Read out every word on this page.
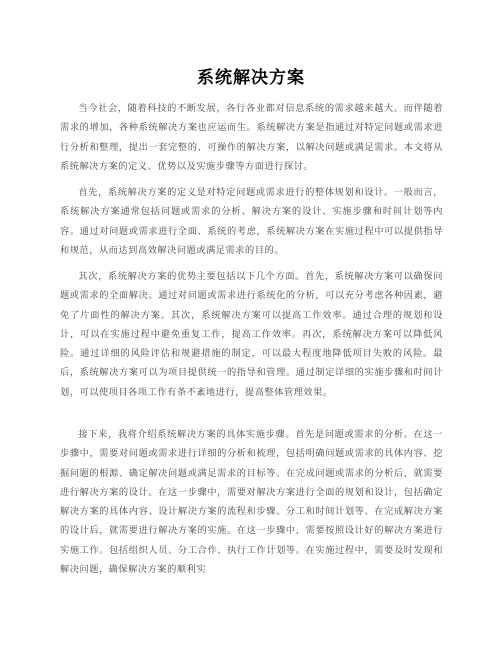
系统解决方案

当今社会，随着科技的不断发展，各行各业都对信息系统的需求越来越大。而伴随着需求的增加，各种系统解决方案也应运而生。系统解决方案是指通过对特定问题或需求进行分析和整理，提出一套完整的、可操作的解决方案，以解决问题或满足需求。本文将从系统解决方案的定义、优势以及实施步骤等方面进行探讨。

首先，系统解决方案的定义是对特定问题或需求进行的整体规划和设计。一般而言，系统解决方案通常包括问题或需求的分析、解决方案的设计、实施步骤和时间计划等内容。通过对问题或需求进行全面、系统的考虑，系统解决方案在实施过程中可以提供指导和规范，从而达到高效解决问题或满足需求的目的。

其次，系统解决方案的优势主要包括以下几个方面。首先，系统解决方案可以确保问题或需求的全面解决。通过对问题或需求进行系统化的分析，可以充分考虑各种因素，避免了片面性的解决方案。其次，系统解决方案可以提高工作效率。通过合理的规划和设计，可以在实施过程中避免重复工作，提高工作效率。再次，系统解决方案可以降低风险。通过详细的风险评估和规避措施的制定，可以最大程度地降低项目失败的风险。最后，系统解决方案可以为项目提供统一的指导和管理。通过制定详细的实施步骤和时间计划，可以使项目各项工作有条不紊地进行，提高整体管理效果。

接下来，我将介绍系统解决方案的具体实施步骤。首先是问题或需求的分析。在这一步骤中，需要对问题或需求进行详细的分析和梳理，包括明确问题或需求的具体内容、挖掘问题的根源、确定解决问题或满足需求的目标等。在完成问题或需求的分析后，就需要进行解决方案的设计。在这一步骤中，需要对解决方案进行全面的规划和设计，包括确定解决方案的具体内容、设计解决方案的流程和步骤、分工和时间计划等。在完成解决方案的设计后，就需要进行解决方案的实施。在这一步骤中，需要按照设计好的解决方案进行实施工作。包括组织人员、分工合作、执行工作计划等。在实施过程中，需要及时发现和解决问题，确保解决方案的顺利实
